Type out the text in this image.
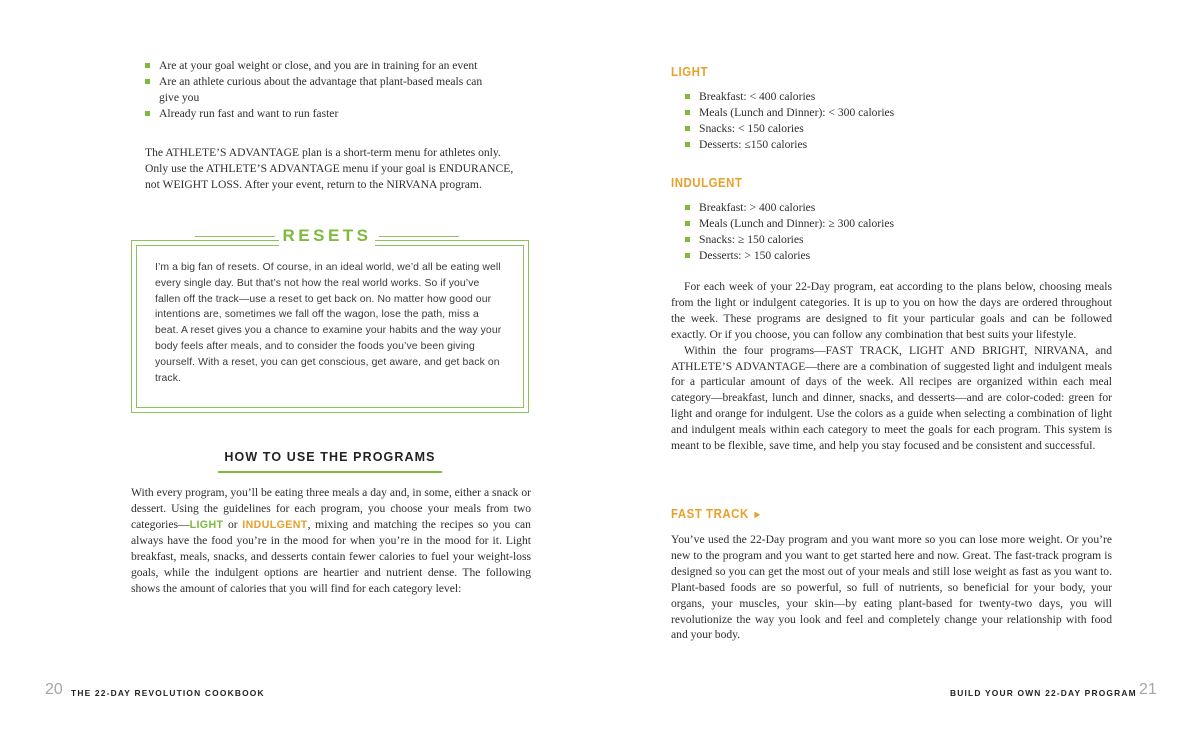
Are at your goal weight or close, and you are in training for an event
Are an athlete curious about the advantage that plant-based meals can give you
Already run fast and want to run faster

The ATHLETE’S ADVANTAGE plan is a short-term menu for athletes only. Only use the ATHLETE’S ADVANTAGE menu if your goal is ENDURANCE, not WEIGHT LOSS. After your event, return to the NIRVANA program.

RESETS
I’m a big fan of resets. Of course, in an ideal world, we’d all be eating well every single day. But that’s not how the real world works. So if you’ve fallen off the track—use a reset to get back on. No matter how good our intentions are, sometimes we fall off the wagon, lose the path, miss a beat. A reset gives you a chance to examine your habits and the way your body feels after meals, and to consider the foods you’ve been giving yourself. With a reset, you can get conscious, get aware, and get back on track.
HOW TO USE THE PROGRAMS
With every program, you’ll be eating three meals a day and, in some, either a snack or dessert. Using the guidelines for each program, you choose your meals from two categories—LIGHT or INDULGENT, mixing and matching the recipes so you can always have the food you’re in the mood for when you’re in the mood for it. Light breakfast, meals, snacks, and desserts contain fewer calories to fuel your weight-loss goals, while the indulgent options are heartier and nutrient dense. The following shows the amount of calories that you will find for each category level:
20 THE 22-DAY REVOLUTION COOKBOOK
LIGHT
Breakfast: < 400 calories
Meals (Lunch and Dinner): < 300 calories
Snacks: < 150 calories
Desserts: ≤150 calories
INDULGENT
Breakfast: > 400 calories
Meals (Lunch and Dinner): ≥ 300 calories
Snacks: ≥ 150 calories
Desserts: > 150 calories

For each week of your 22-Day program, eat according to the plans below, choosing meals from the light or indulgent categories. It is up to you on how the days are ordered throughout the week. These programs are designed to fit your particular goals and can be followed exactly. Or if you choose, you can follow any combination that best suits your lifestyle.

Within the four programs—FAST TRACK, LIGHT AND BRIGHT, NIRVANA, and ATHLETE’S ADVANTAGE—there are a combination of suggested light and indulgent meals for a particular amount of days of the week. All recipes are organized within each meal category—breakfast, lunch and dinner, snacks, and desserts—and are color-coded: green for light and orange for indulgent. Use the colors as a guide when selecting a combination of light and indulgent meals within each category to meet the goals for each program. This system is meant to be flexible, save time, and help you stay focused and be consistent and successful.

FAST TRACK ►

You’ve used the 22-Day program and you want more so you can lose more weight. Or you’re new to the program and you want to get started here and now. Great. The fast-track program is designed so you can get the most out of your meals and still lose weight as fast as you want to. Plant-based foods are so powerful, so full of nutrients, so beneficial for your body, your organs, your muscles, your skin—by eating plant-based for twenty-two days, you will revolutionize the way you look and feel and completely change your relationship with food and your body.

BUILD YOUR OWN 22-DAY PROGRAM 21
